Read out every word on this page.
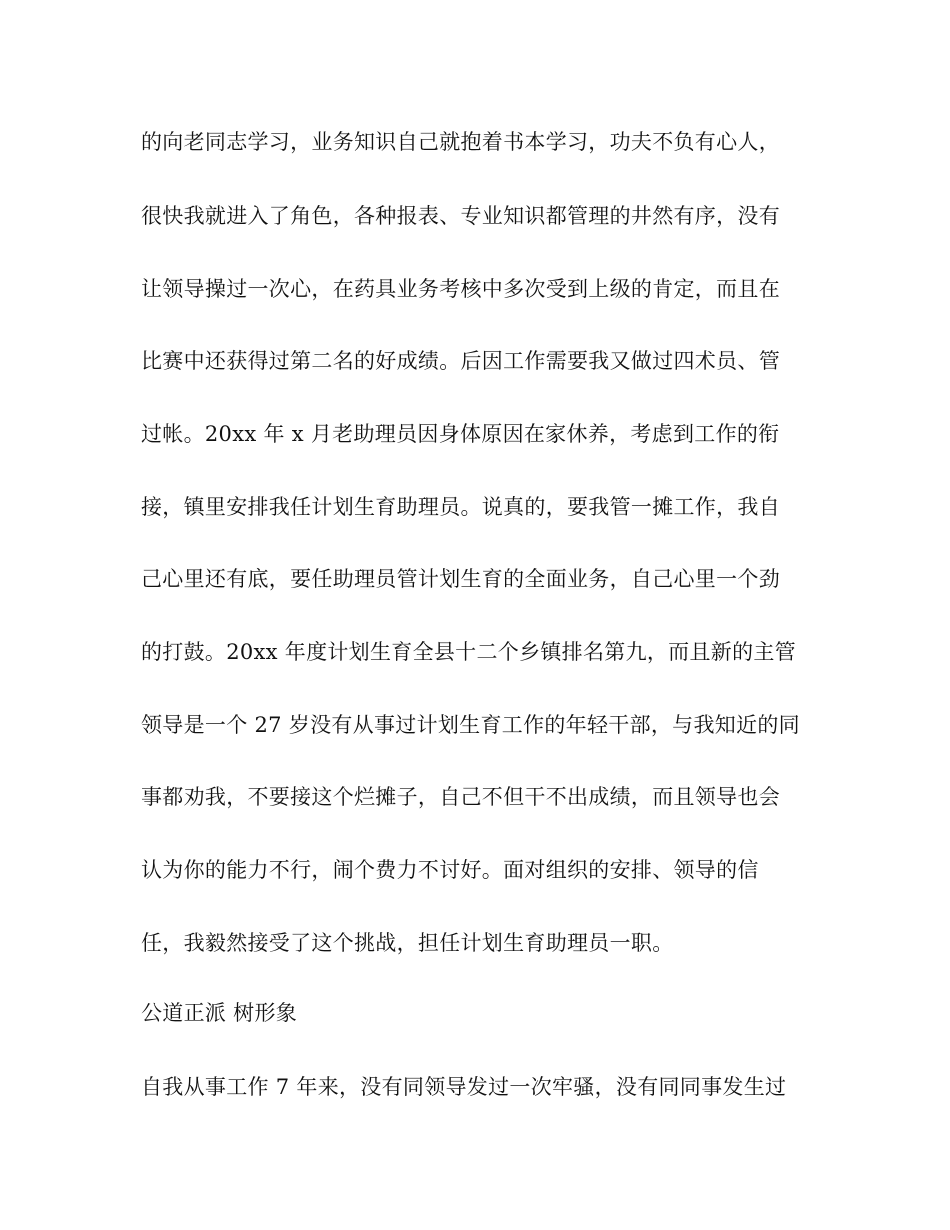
的向老同志学习，业务知识自己就抱着书本学习，功夫不负有心人，
很快我就进入了角色，各种报表、专业知识都管理的井然有序，没有
让领导操过一次心，在药具业务考核中多次受到上级的肯定，而且在
比赛中还获得过第二名的好成绩。后因工作需要我又做过四术员、管
过帐。20xx 年 x 月老助理员因身体原因在家休养，考虑到工作的衔
接，镇里安排我任计划生育助理员。说真的，要我管一摊工作，我自
己心里还有底，要任助理员管计划生育的全面业务，自己心里一个劲
的打鼓。20xx 年度计划生育全县十二个乡镇排名第九，而且新的主管
领导是一个 27 岁没有从事过计划生育工作的年轻干部，与我知近的同
事都劝我，不要接这个烂摊子，自己不但干不出成绩，而且领导也会
认为你的能力不行，闹个费力不讨好。面对组织的安排、领导的信
任，我毅然接受了这个挑战，担任计划生育助理员一职。
公道正派 树形象
自我从事工作 7 年来，没有同领导发过一次牢骚，没有同同事发生过
